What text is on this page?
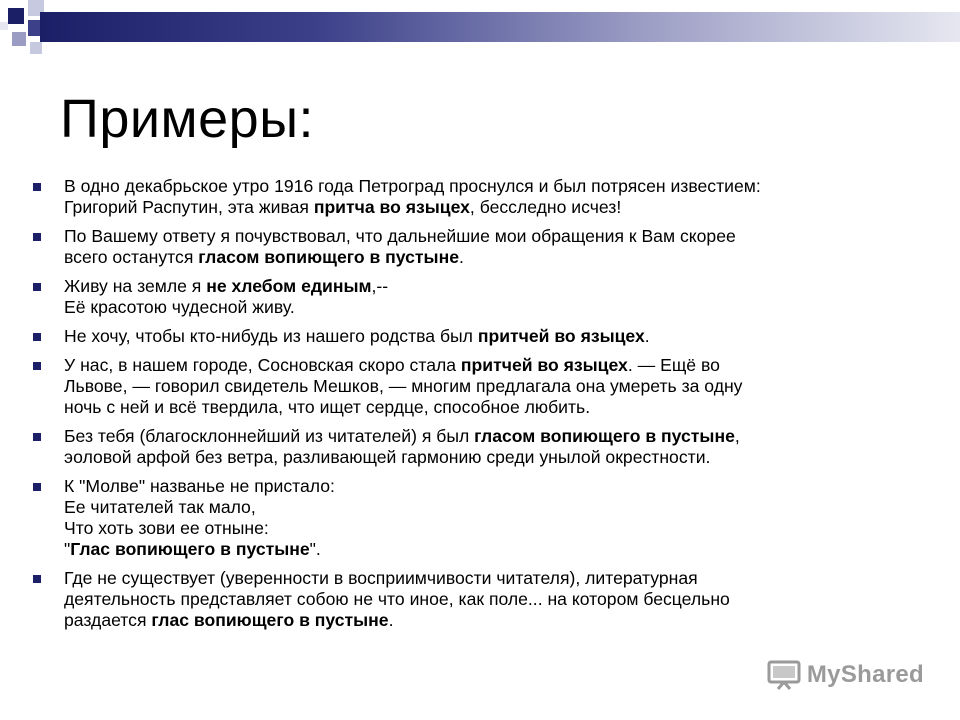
Примеры:
В одно декабрьское утро 1916 года Петроград проснулся и был потрясен известием:
Григорий Распутин, эта живая притча во языцех, бесследно исчез!
По Вашему ответу я почувствовал, что дальнейшие мои обращения к Вам скорее
всего останутся гласом вопиющего в пустыне.
Живу на земле я не хлебом единым,--
Её красотою чудесной живу.
Не хочу, чтобы кто-нибудь из нашего родства был притчей во языцех.
У нас, в нашем городе, Сосновская скоро стала притчей во языцех. — Ещё во
Львове, — говорил свидетель Мешков, — многим предлагала она умереть за одну
ночь с ней и всё твердила, что ищет сердце, способное любить.
Без тебя (благосклоннейший из читателей) я был гласом вопиющего в пустыне,
эоловой арфой без ветра, разливающей гармонию среди унылой окрестности.
К "Молве" названье не пристало:
Ее читателей так мало,
Что хоть зови ее отныне:
"Глас вопиющего в пустыне".
Где не существует (уверенности в восприимчивости читателя), литературная
деятельность представляет собою не что иное, как поле... на котором бесцельно
раздается глас вопиющего в пустыне.
MyShared
